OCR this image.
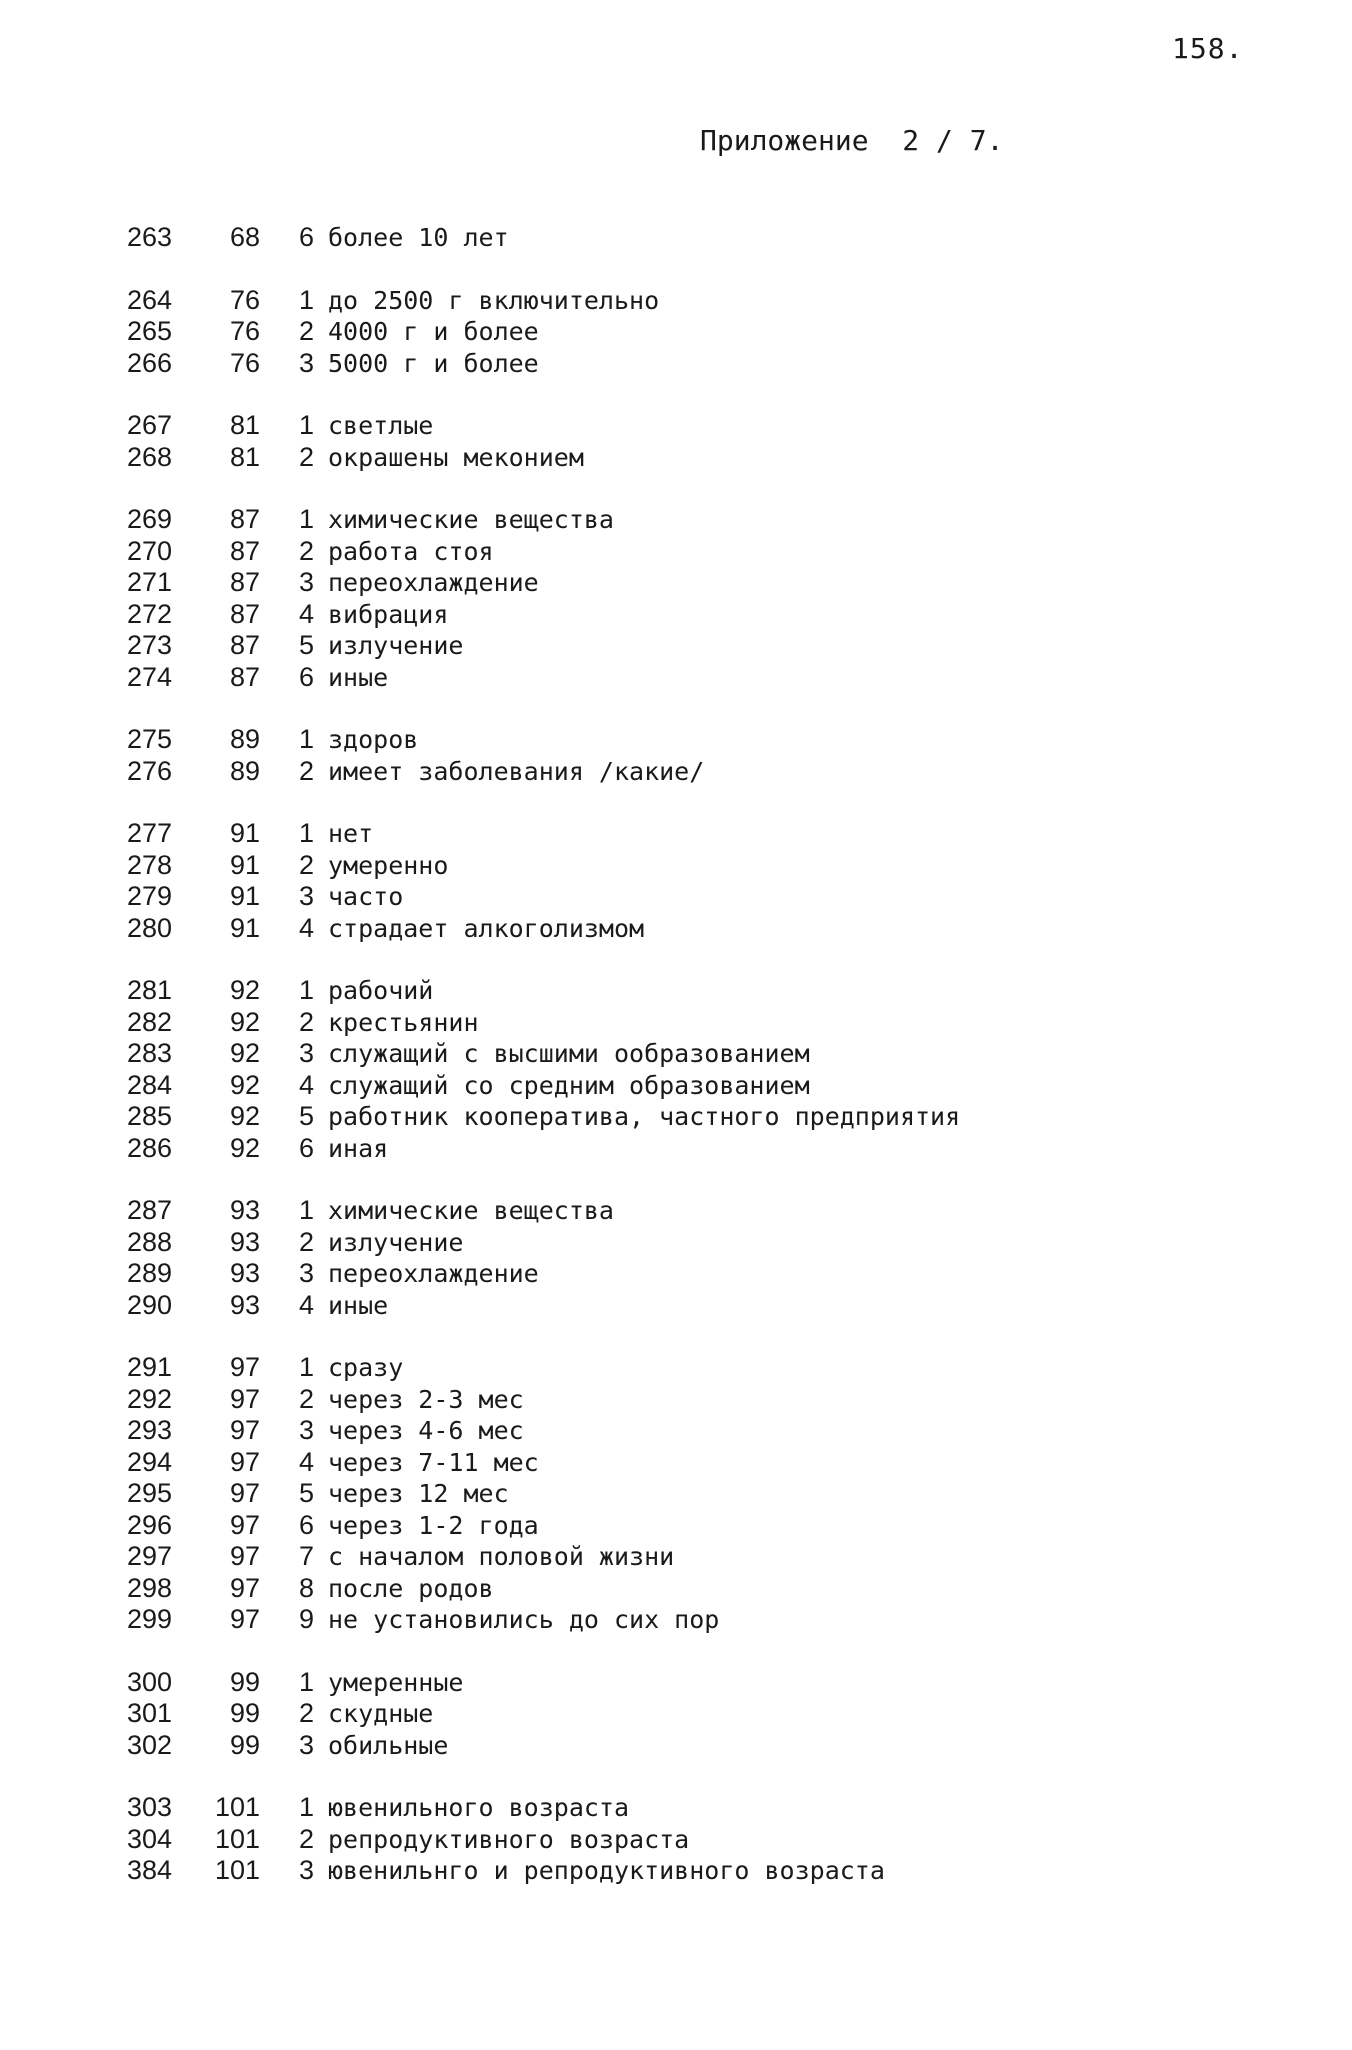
158.
Приложение  2 / 7.
263	68	6 более 10 лет
264	76	1 до 2500 г включительно
265	76	2 4000 г и более
266	76	3 5000 г и более
267	81	1 светлые
268	81	2 окрашены меконием
269	87	1 химические вещества
270	87	2 работа стоя
271	87	3 переохлаждение
272	87	4 вибрация
273	87	5 излучение
274	87	6 иные
275	89	1 здоров
276	89	2 имеет заболевания /какие/
277	91	1 нет
278	91	2 умеренно
279	91	3 часто
280	91	4 страдает алкоголизмом
281	92	1 рабочий
282	92	2 крестьянин
283	92	3 служащий с высшими ообразованием
284	92	4 служащий со средним образованием
285	92	5 работник кооператива, частного предприятия
286	92	6 иная
287	93	1 химические вещества
288	93	2 излучение
289	93	3 переохлаждение
290	93	4 иные
291	97	1 сразу
292	97	2 через 2-3 мес
293	97	3 через 4-6 мес
294	97	4 через 7-11 мес
295	97	5 через 12 мес
296	97	6 через 1-2 года
297	97	7 с началом половой жизни
298	97	8 после родов
299	97	9 не установились до сих пор
300	99	1 умеренные
301	99	2 скудные
302	99	3 обильные
303	101	1 ювенильного возраста
304	101	2 репродуктивного возраста
384	101	3 ювенильнго и репродуктивного возраста
